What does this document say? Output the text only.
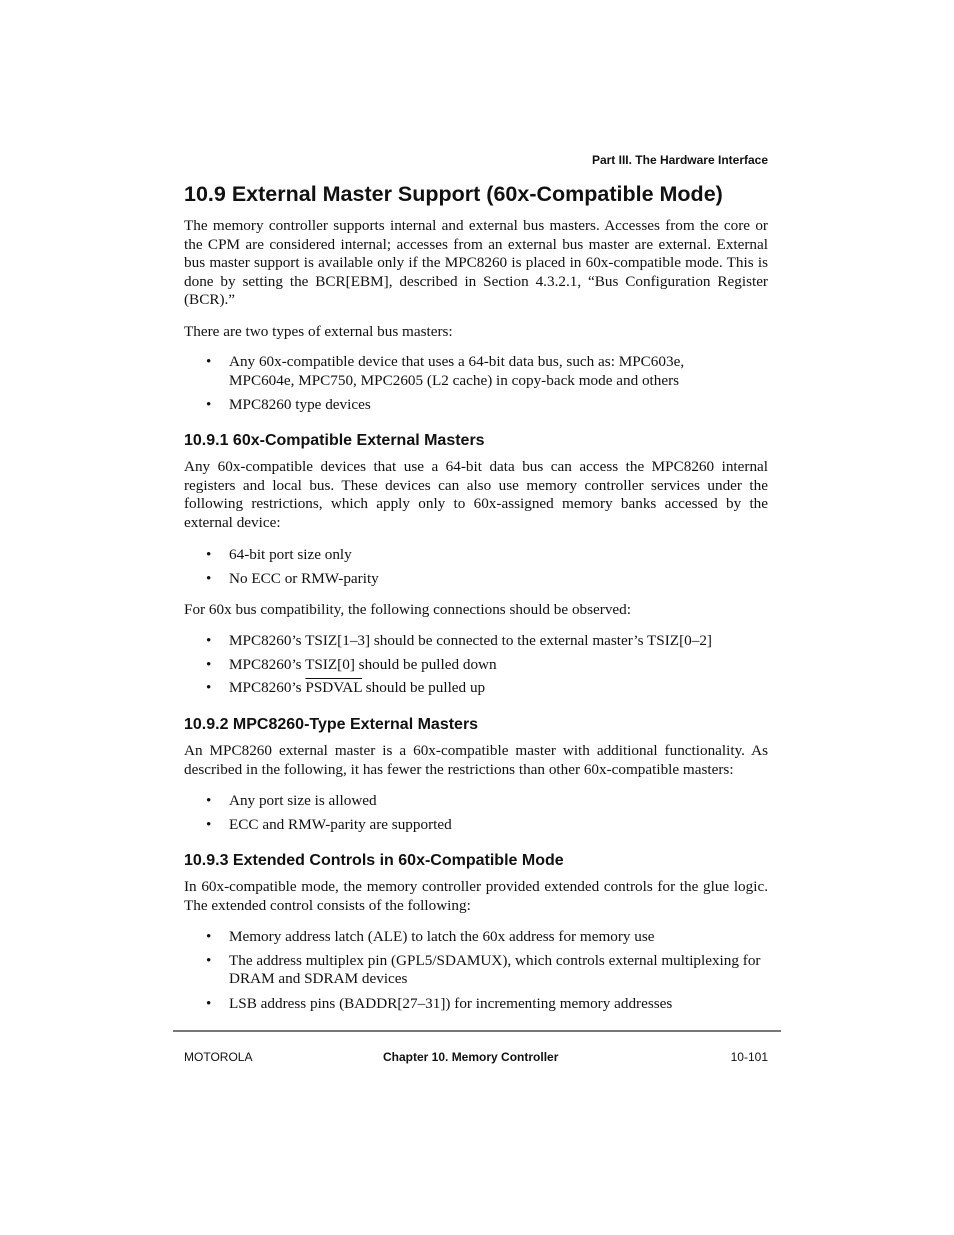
Part III. The Hardware Interface
10.9 External Master Support (60x-Compatible Mode)

The memory controller supports internal and external bus masters. Accesses from the core or the CPM are considered internal; accesses from an external bus master are external. External bus master support is available only if the MPC8260 is placed in 60x-compatible mode. This is done by setting the BCR[EBM], described in Section 4.3.2.1, “Bus Configuration Register (BCR).”

There are two types of external bus masters:

• Any 60x-compatible device that uses a 64-bit data bus, such as: MPC603e, MPC604e, MPC750, MPC2605 (L2 cache) in copy-back mode and others
• MPC8260 type devices
10.9.1 60x-Compatible External Masters

Any 60x-compatible devices that use a 64-bit data bus can access the MPC8260 internal registers and local bus. These devices can also use memory controller services under the following restrictions, which apply only to 60x-assigned memory banks accessed by the external device:

• 64-bit port size only
• No ECC or RMW-parity

For 60x bus compatibility, the following connections should be observed:

• MPC8260’s TSIZ[1–3] should be connected to the external master’s TSIZ[0–2]
• MPC8260’s TSIZ[0] should be pulled down
• MPC8260’s PSDVAL should be pulled up
10.9.2 MPC8260-Type External Masters

An MPC8260 external master is a 60x-compatible master with additional functionality. As described in the following, it has fewer the restrictions than other 60x-compatible masters:

• Any port size is allowed
• ECC and RMW-parity are supported
10.9.3 Extended Controls in 60x-Compatible Mode

In 60x-compatible mode, the memory controller provided extended controls for the glue logic. The extended control consists of the following:

• Memory address latch (ALE) to latch the 60x address for memory use
• The address multiplex pin (GPL5/SDAMUX), which controls external multiplexing for DRAM and SDRAM devices
• LSB address pins (BADDR[27–31]) for incrementing memory addresses
MOTOROLA	Chapter 10. Memory Controller	10-101
